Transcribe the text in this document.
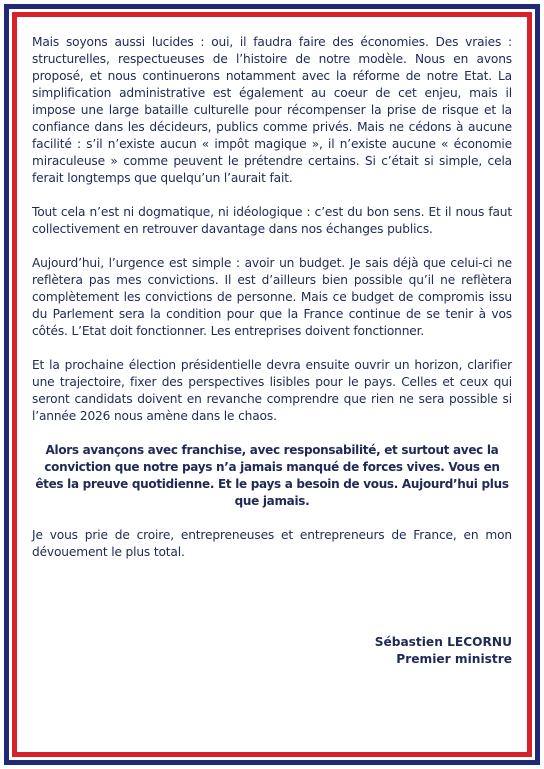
Mais soyons aussi lucides : oui, il faudra faire des économies. Des vraies : structurelles, respectueuses de l’histoire de notre modèle. Nous en avons proposé, et nous continuerons notamment avec la réforme de notre Etat. La simplification administrative est également au coeur de cet enjeu, mais il impose une large bataille culturelle pour récompenser la prise de risque et la confiance dans les décideurs, publics comme privés. Mais ne cédons à aucune facilité : s’il n’existe aucun « impôt magique », il n’existe aucune « économie miraculeuse » comme peuvent le prétendre certains. Si c’était si simple, cela ferait longtemps que quelqu’un l’aurait fait.

Tout cela n’est ni dogmatique, ni idéologique : c’est du bon sens. Et il nous faut collectivement en retrouver davantage dans nos échanges publics.

Aujourd’hui, l’urgence est simple : avoir un budget. Je sais déjà que celui-ci ne reflètera pas mes convictions. Il est d’ailleurs bien possible qu’il ne reflètera complètement les convictions de personne. Mais ce budget de compromis issu du Parlement sera la condition pour que la France continue de se tenir à vos côtés. L’Etat doit fonctionner. Les entreprises doivent fonctionner.

Et la prochaine élection présidentielle devra ensuite ouvrir un horizon, clarifier une trajectoire, fixer des perspectives lisibles pour le pays. Celles et ceux qui seront candidats doivent en revanche comprendre que rien ne sera possible si l’année 2026 nous amène dans le chaos.

Alors avançons avec franchise, avec responsabilité, et surtout avec la conviction que notre pays n’a jamais manqué de forces vives. Vous en êtes la preuve quotidienne. Et le pays a besoin de vous. Aujourd’hui plus que jamais.

Je vous prie de croire, entrepreneuses et entrepreneurs de France, en mon dévouement le plus total.

Sébastien LECORNU
Premier ministre
